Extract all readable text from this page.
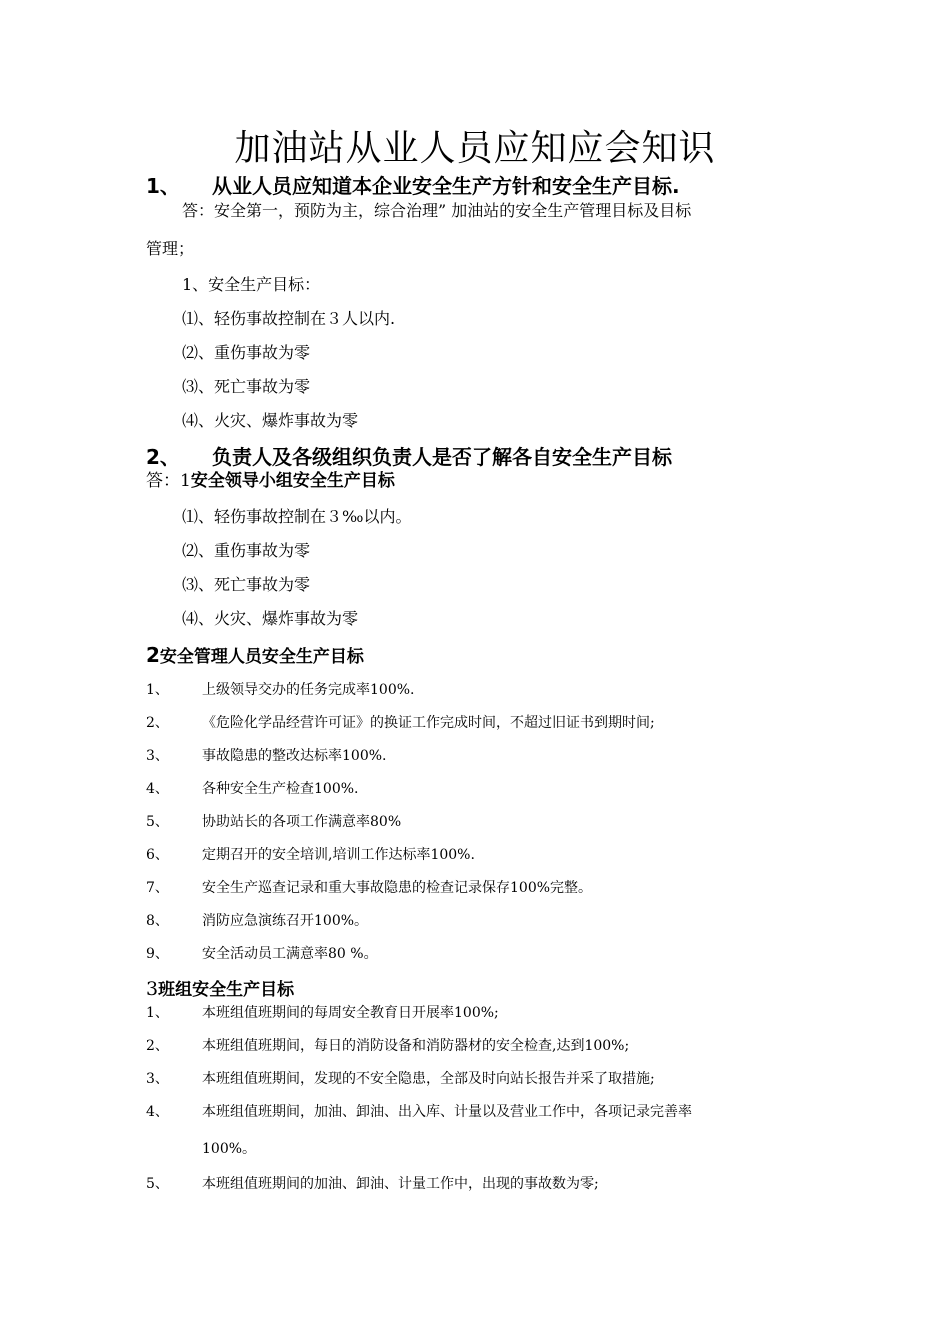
加油站从业人员应知应会知识
1、 从业人员应知道本企业安全生产方针和安全生产目标.
答：安全第一，预防为主，综合治理” 加油站的安全生产管理目标及目标
管理；
1、安全生产目标：
⑴、轻伤事故控制在３人以内.
⑵、重伤事故为零
⑶、死亡事故为零
⑷、火灾、爆炸事故为零
2、 负责人及各级组织负责人是否了解各自安全生产目标
答：1安全领导小组安全生产目标
⑴、轻伤事故控制在３‰以内。
⑵、重伤事故为零
⑶、死亡事故为零
⑷、火灾、爆炸事故为零
2安全管理人员安全生产目标
1、 上级领导交办的任务完成率100%.
2、 《危险化学品经营许可证》的换证工作完成时间，不超过旧证书到期时间;
3、 事故隐患的整改达标率100%.
4、 各种安全生产检查100%.
5、 协助站长的各项工作满意率80%
6、 定期召开的安全培训,培训工作达标率100%.
7、 安全生产巡查记录和重大事故隐患的检查记录保存100%完整。
8、 消防应急演练召开100%。
9、 安全活动员工满意率80 %。
3班组安全生产目标
1、 本班组值班期间的每周安全教育日开展率100%;
2、 本班组值班期间，每日的消防设备和消防器材的安全检查,达到100%;
3、 本班组值班期间，发现的不安全隐患，全部及时向站长报告并采了取措施;
4、 本班组值班期间，加油、卸油、出入库、计量以及营业工作中，各项记录完善率
100%。
5、 本班组值班期间的加油、卸油、计量工作中，出现的事故数为零;
